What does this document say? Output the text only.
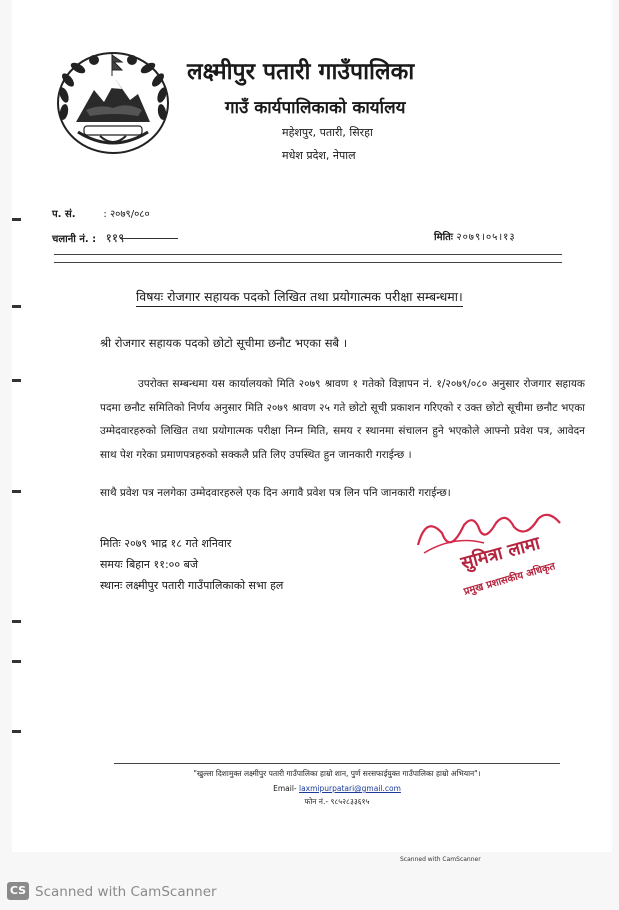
लक्ष्मीपुर पतारी गाउँपालिका
गाउँ कार्यपालिकाको कार्यालय
महेशपुर, पतारी, सिरहा
मधेश प्रदेश, नेपाल
प. सं.	: २०७९/०८०
चलानी नं. : ११९	मितिः २०७९।०५।१३
विषयः रोजगार सहायक पदको लिखित तथा प्रयोगात्मक परीक्षा सम्बन्धमा।
श्री रोजगार सहायक पदको छोटो सूचीमा छनौट भएका सबै ।
उपरोक्त सम्बन्धमा यस कार्यालयको मिति २०७९ श्रावण १ गतेको विज्ञापन नं. १/२०७९/०८० अनुसार रोजगार सहायक पदमा छनौट समितिको निर्णय अनुसार मिति २०७९ श्रावण २५ गते छोटो सूची प्रकाशन गरिएको र उक्त छोटो सूचीमा छनौट भएका उम्मेदवारहरुको लिखित तथा प्रयोगात्मक परीक्षा निम्न मिति, समय र स्थानमा संचालन हुने भएकोले आफ्नो प्रवेश पत्र, आवेदन साथ पेश गरेका प्रमाणपत्रहरुको सक्कलै प्रति लिए उपस्थित हुन जानकारी गराईन्छ ।
साथै प्रवेश पत्र नलगेका उम्मेदवारहरुले एक दिन अगावै प्रवेश पत्र लिन पनि जानकारी गराईन्छ।
मितिः २०७९ भाद्र १८ गते शनिवार
समयः बिहान ११:०० बजे
स्थानः लक्ष्मीपुर पतारी गाउँपालिकाको सभा हल
सुमित्रा लामा
प्रमुख प्रशासकीय अधिकृत
"खुल्ला दिशामुक्त लक्ष्मीपुर पतारी गाउँपालिका हाम्रो शान, पुर्ण सरसफाईयुक्त गाउँपालिका हाम्रो अभियान"।
Email- laxmipurpatari@gmail.com
फोन नं.- ९८५२८३३६१५
Scanned with CamScanner
CS Scanned with CamScanner
